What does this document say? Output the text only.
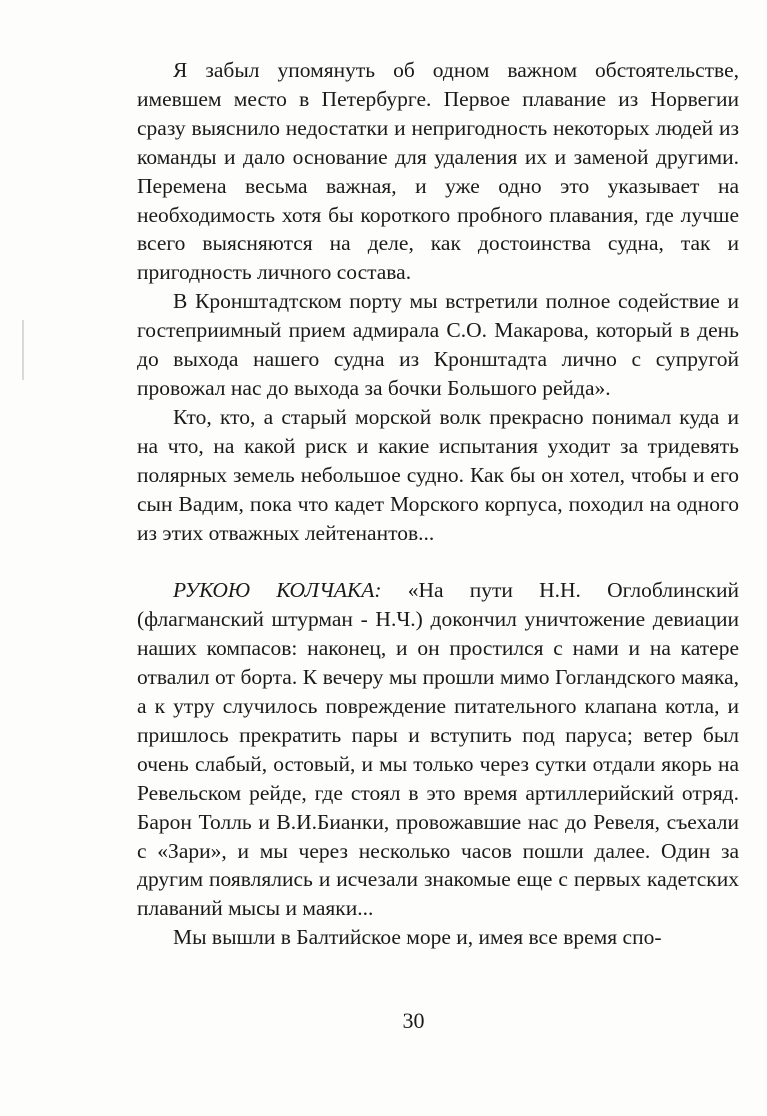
Я забыл упомянуть об одном важном обстоятельстве, имевшем место в Петербурге. Первое плавание из Норвегии сразу выяснило недостатки и непригодность некоторых людей из команды и дало основание для удаления их и заменой другими. Перемена весьма важная, и уже одно это указывает на необходимость хотя бы короткого пробного плавания, где лучше всего выясняются на деле, как достоинства судна, так и пригодность личного состава.

В Кронштадтском порту мы встретили полное содействие и гостеприимный прием адмирала С.О. Макарова, который в день до выхода нашего судна из Кронштадта лично с супругой провожал нас до выхода за бочки Большого рейда».

Кто, кто, а старый морской волк прекрасно понимал куда и на что, на какой риск и какие испытания уходит за тридевять полярных земель небольшое судно. Как бы он хотел, чтобы и его сын Вадим, пока что кадет Морского корпуса, походил на одного из этих отважных лейтенантов...

РУКОЮ КОЛЧАКА: «На пути Н.Н. Оглоблинский (флагманский штурман - Н.Ч.) докончил уничтожение девиации наших компасов: наконец, и он простился с нами и на катере отвалил от борта. К вечеру мы прошли мимо Гогландского маяка, а к утру случилось повреждение питательного клапана котла, и пришлось прекратить пары и вступить под паруса; ветер был очень слабый, остовый, и мы только через сутки отдали якорь на Ревельском рейде, где стоял в это время артиллерийский отряд. Барон Толль и В.И.Бианки, провожавшие нас до Ревеля, съехали с «Зари», и мы через несколько часов пошли далее. Один за другим появлялись и исчезали знакомые еще с первых кадетских плаваний мысы и маяки...

Мы вышли в Балтийское море и, имея все время спо-

30
